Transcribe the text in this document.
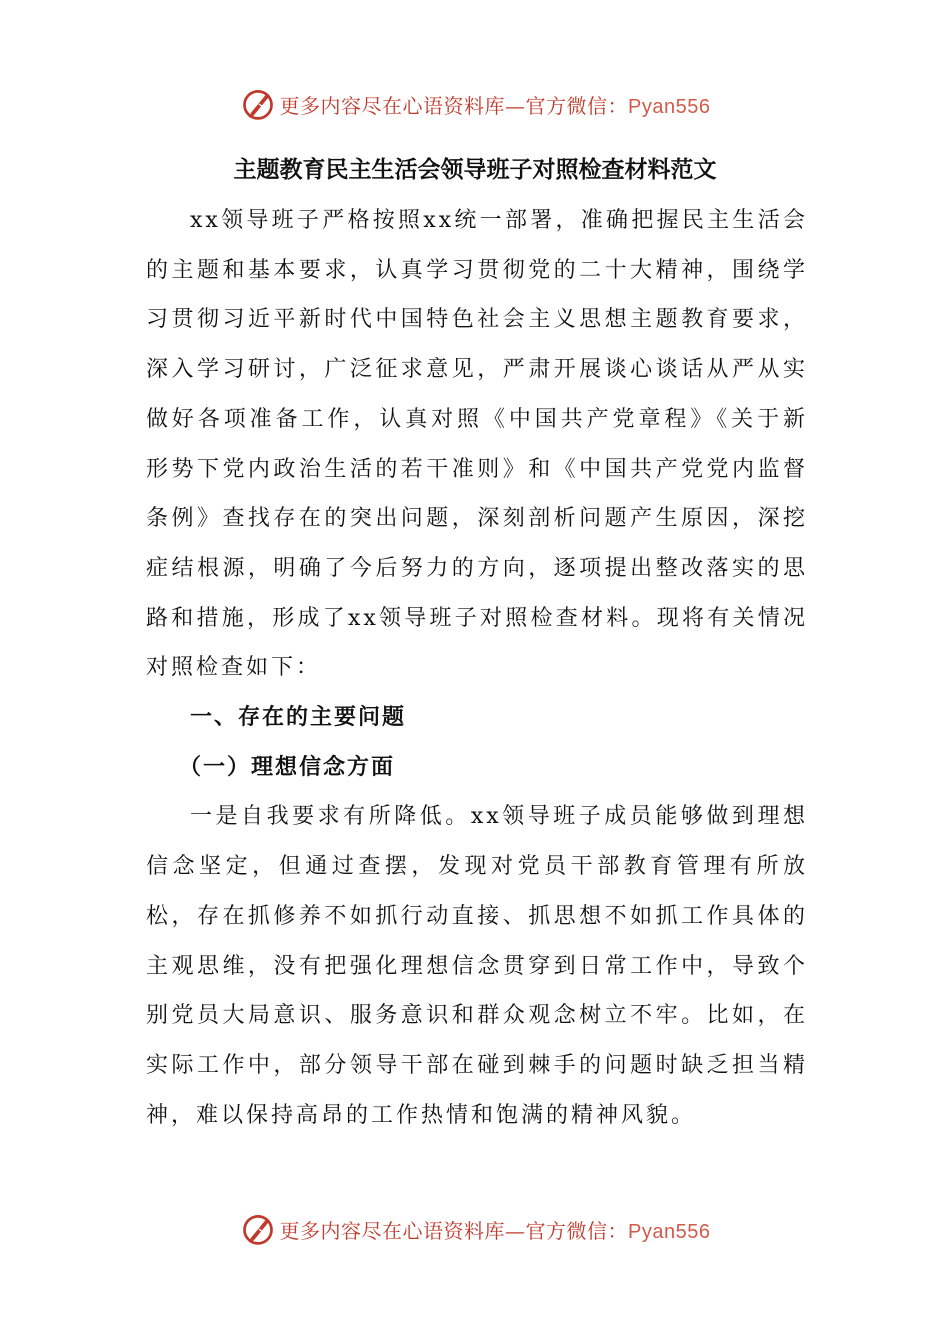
更多内容尽在心语资料库—官方微信：Pyan556
主题教育民主生活会领导班子对照检查材料范文

xx领导班子严格按照xx统一部署，准确把握民主生活会的主题和基本要求，认真学习贯彻党的二十大精神，围绕学习贯彻习近平新时代中国特色社会主义思想主题教育要求，深入学习研讨，广泛征求意见，严肃开展谈心谈话从严从实做好各项准备工作，认真对照《中国共产党章程》《关于新形势下党内政治生活的若干准则》和《中国共产党党内监督条例》查找存在的突出问题，深刻剖析问题产生原因，深挖症结根源，明确了今后努力的方向，逐项提出整改落实的思路和措施，形成了xx领导班子对照检查材料。现将有关情况对照检查如下：

一、存在的主要问题
（一）理想信念方面

一是自我要求有所降低。xx领导班子成员能够做到理想信念坚定，但通过查摆，发现对党员干部教育管理有所放松，存在抓修养不如抓行动直接、抓思想不如抓工作具体的主观思维，没有把强化理想信念贯穿到日常工作中，导致个别党员大局意识、服务意识和群众观念树立不牢。比如，在实际工作中，部分领导干部在碰到棘手的问题时缺乏担当精神，难以保持高昂的工作热情和饱满的精神风貌。

更多内容尽在心语资料库—官方微信：Pyan556
